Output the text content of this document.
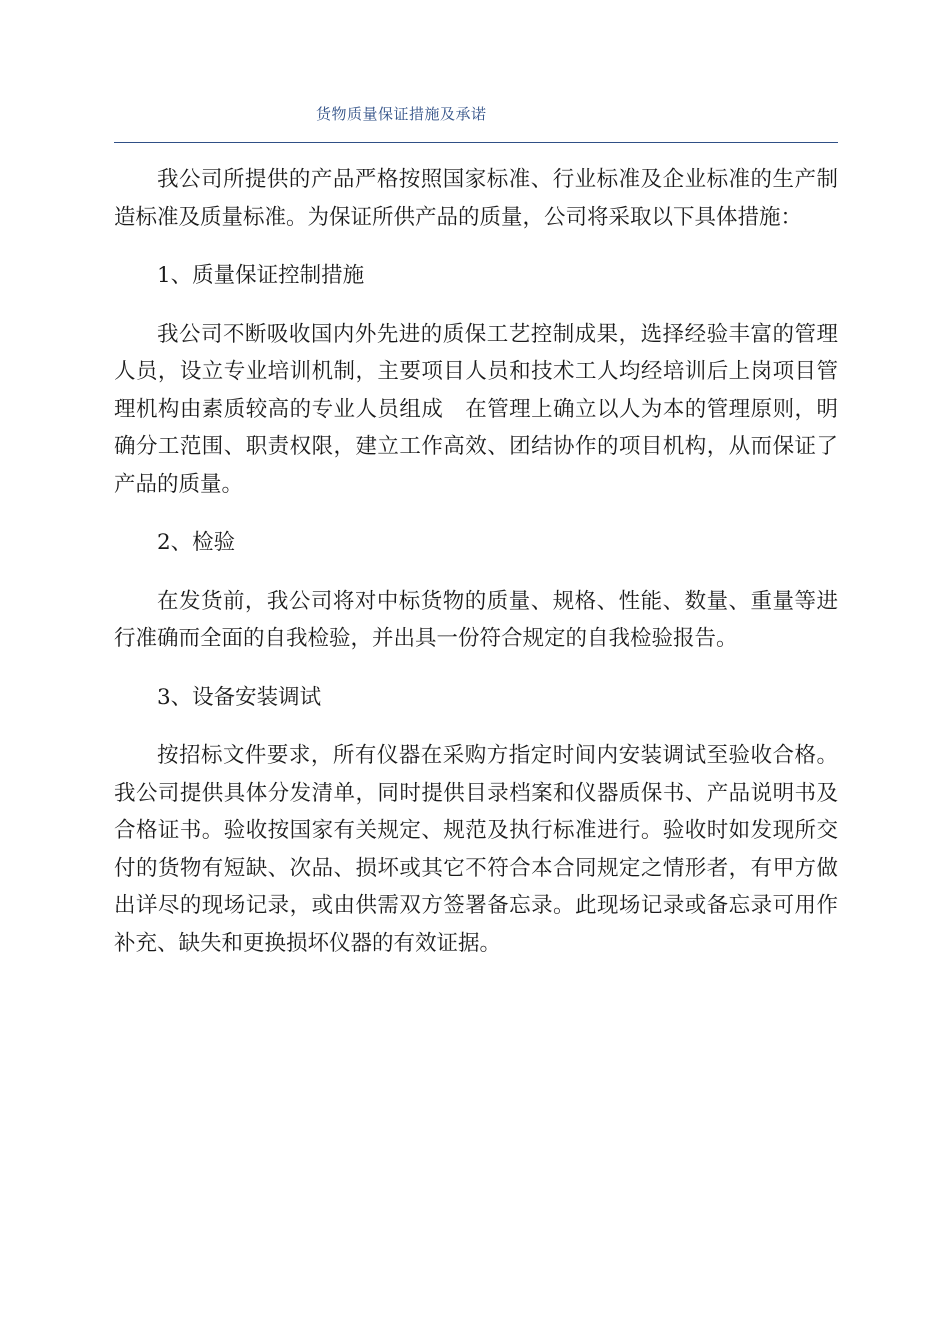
货物质量保证措施及承诺

我公司所提供的产品严格按照国家标准、行业标准及企业标准的生产制造标准及质量标准。为保证所供产品的质量，公司将采取以下具体措施：

1、质量保证控制措施

我公司不断吸收国内外先进的质保工艺控制成果，选择经验丰富的管理人员，设立专业培训机制，主要项目人员和技术工人均经培训后上岗项目管理机构由素质较高的专业人员组成　在管理上确立以人为本的管理原则，明确分工范围、职责权限，建立工作高效、团结协作的项目机构，从而保证了产品的质量。

2、检验

在发货前，我公司将对中标货物的质量、规格、性能、数量、重量等进行准确而全面的自我检验，并出具一份符合规定的自我检验报告。

3、设备安装调试

按招标文件要求，所有仪器在采购方指定时间内安装调试至验收合格。我公司提供具体分发清单，同时提供目录档案和仪器质保书、产品说明书及合格证书。验收按国家有关规定、规范及执行标准进行。验收时如发现所交付的货物有短缺、次品、损坏或其它不符合本合同规定之情形者，有甲方做出详尽的现场记录，或由供需双方签署备忘录。此现场记录或备忘录可用作补充、缺失和更换损坏仪器的有效证据。
